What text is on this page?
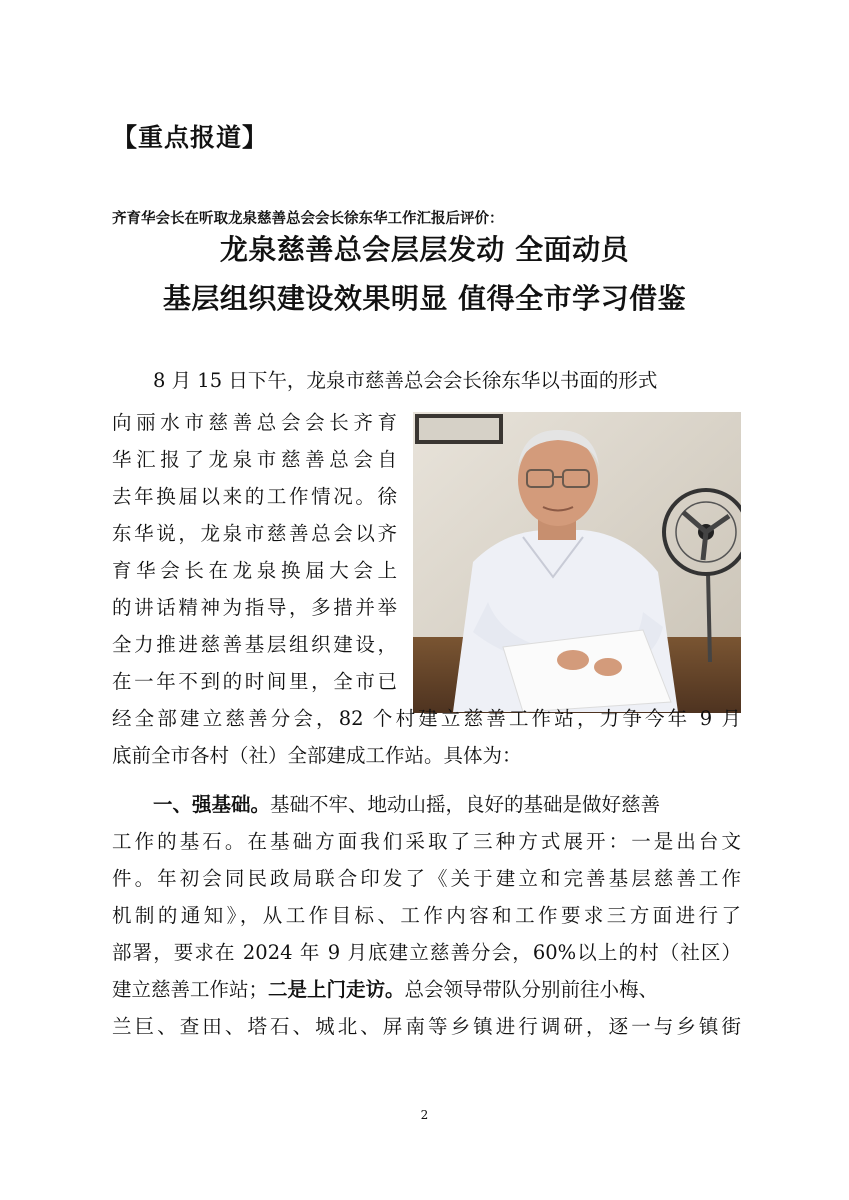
【重点报道】
齐育华会长在听取龙泉慈善总会会长徐东华工作汇报后评价：
龙泉慈善总会层层发动 全面动员
基层组织建设效果明显 值得全市学习借鉴
8 月 15 日下午，龙泉市慈善总会会长徐东华以书面的形式
向丽水市慈善总会会长齐育
华汇报了龙泉市慈善总会自
去年换届以来的工作情况。徐
东华说，龙泉市慈善总会以齐
育华会长在龙泉换届大会上
的讲话精神为指导，多措并举
全力推进慈善基层组织建设，
在一年不到的时间里，全市已
经全部建立慈善分会，82 个村建立慈善工作站，力争今年 9 月
底前全市各村（社）全部建成工作站。具体为：
一、强基础。基础不牢、地动山摇，良好的基础是做好慈善
工作的基石。在基础方面我们采取了三种方式展开：一是出台文
件。年初会同民政局联合印发了《关于建立和完善基层慈善工作
机制的通知》，从工作目标、工作内容和工作要求三方面进行了
部署，要求在 2024 年 9 月底建立慈善分会，60%以上的村（社区）
建立慈善工作站；二是上门走访。总会领导带队分别前往小梅、
兰巨、查田、塔石、城北、屏南等乡镇进行调研，逐一与乡镇街
2
